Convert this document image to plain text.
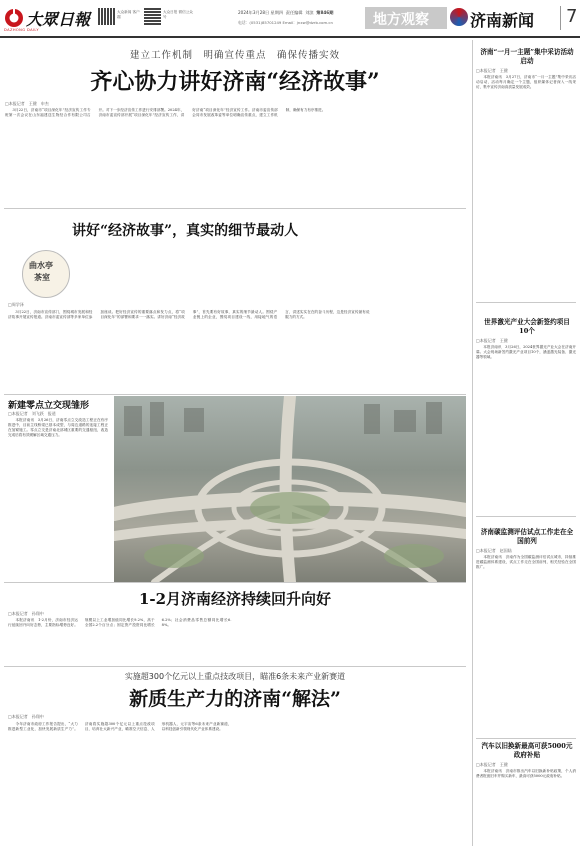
大眾日報
DAZHONG DAILY
大众新闻 客户端
大众日报 微信公众号
2024年3月28日 星期四 责任编辑 刘滨 第846期
电话：(0531)85701249 Email：jnxw@dzrb.com.cn	地方观察	济南新闻 7
建立工作机制　明确宣传重点　确保传播实效
齐心协力讲好济南“经济故事”
□本报记者　王健　申杰
　　3月22日，济南市“项目深化年”经济宣传工作专班第一次会议在山东福建送生物经合作有限公司召开。对下一步经济宣传工作进行安排部署。2024年，济南市委宣传部开展“项目深化年”经济宣传工作，讲好济南“项目深化年”经济宣传工作。济南市委宣传部会同市发展改革委等单位明确宣传重点，建立工作机制，确保有力有序推进。
讲好“经济故事”，真实的细节最动人
曲水亭
茶室
□周学泽
　　3月22日，济南市宣传部门，围绕城市发展和经济故事开展宣传报道。济南市委宣传部等多家单位参加座谈。把好经济宣传的重要落点和发力点，将“项目深化年”的部署和要求一一落实。讲好济南“经济故事”，首先要有好故事，真实的细节最动人。围绕产业链上的企业，围绕项目建设一线，用接地气的语言，讲述实实在在的奋斗历程，这是经济宣传最有说服力的方式。
新建零点立交现雏形
□本报记者　刘飞跃　报道
　　本报济南讯　3月26日，济南零点立交改造工程正在有序推进中，目前主线桥梁已基本成型，与周边道路的连接工程正在加紧施工。零点立交是济南北部城区重要的交通枢纽，改造完成后将有效缓解区域交通压力。
1-2月济南经济持续回升向好
□本报记者　孙翔中
　　本报济南讯　1-2月份，济南市经济运行延续回升向好态势，主要指标增势良好。规模以上工业增加值同比增长9.2%，高于全国2.2个百分点；固定资产投资同比增长6.2%；社会消费品零售总额同比增长6.8%。
实施超300个亿元以上重点技改项目，瞄准6条未来产业新赛道
新质生产力的济南“解法”
□本报记者　孙翔中
　　今年济南市政府工作报告提出，“大力推进新型工业化，加快发展新质生产力”。济南将实施超300个亿元以上重点技改项目，培育壮大新兴产业，瞄准空天信息、人形机器人、元宇宙等6条未来产业新赛道，以科技创新引领现代化产业体系建设。
济南“一月一主题”集中采访活动启动
□本报记者　王健
　　本报济南讯　3月27日，济南市“一月一主题”集中采访活动启动，活动每月确定一个主题，组织媒体记者深入一线采访，集中宣传济南高质量发展成效。
世界激光产业大会新签约项目10个
□本报记者　王健
　　本报济南讯　3月26日，2024世界激光产业大会在济南开幕。大会现场新签约激光产业项目10个，涵盖激光装备、激光器等领域。
济南碳监测评估试点工作走在全国前列
□本报记者　赵国陆
　　本报济南讯　济南作为全国碳监测评估试点城市，持续推进碳监测体系建设，试点工作走在全国前列，相关经验在全国推广。
汽车以旧换新最高可获5000元政府补贴
□本报记者　王健
　　本报济南讯　济南市推出汽车以旧换新补贴政策，个人消费者报废旧车并购买新车，最高可获5000元政府补贴。
